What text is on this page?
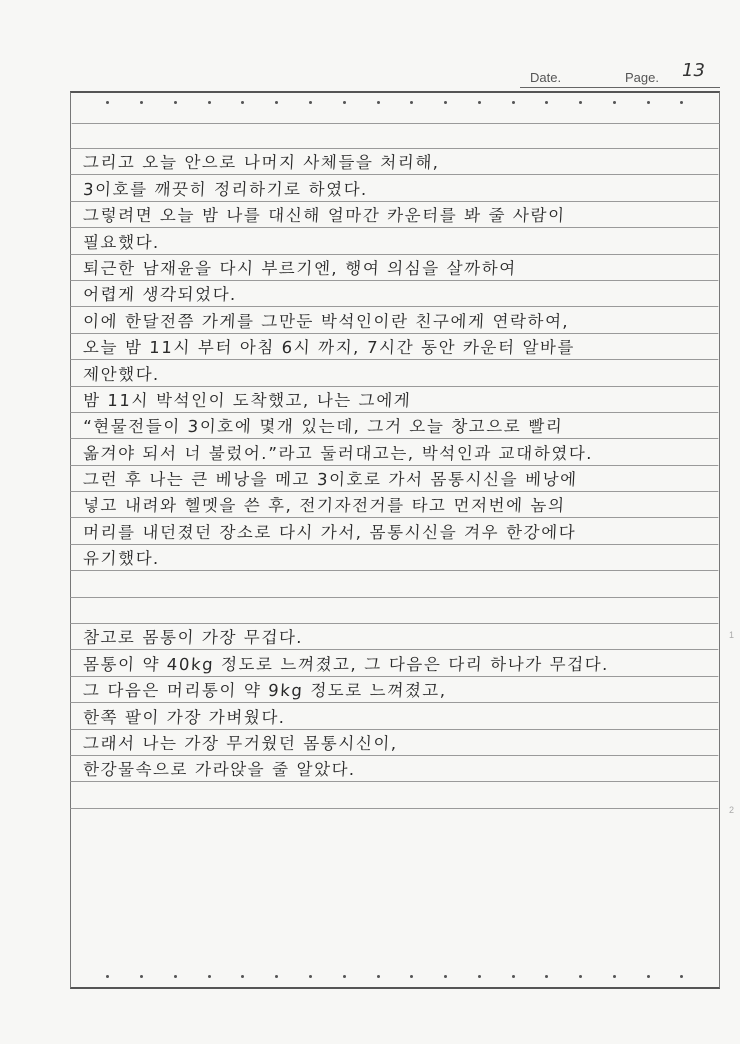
Date.	Page. 13
그리고 오늘 안으로 나머지 사체들을 처리해,
3이호를 깨끗히 정리하기로 하였다.
그렇려면 오늘 밤 나를 대신해 얼마간 카운터를 봐 줄 사람이
필요했다.
퇴근한 남재윤을 다시 부르기엔, 행여 의심을 살까하여
어렵게 생각되었다.
이에 한달전쯤 가게를 그만둔 박석인이란 친구에게 연락하여,
오늘 밤 11시 부터 아침 6시 까지, 7시간 동안 카운터 알바를
제안했다.
밤 11시 박석인이 도착했고, 나는 그에게
“현물전들이 3이호에 몇개 있는데, 그거 오늘 창고으로 빨리
옮겨야 되서 너 불렀어.”라고 둘러대고는, 박석인과 교대하였다.
그런 후 나는 큰 베낭을 메고 3이호로 가서 몸통시신을 베낭에
넣고 내려와 헬멧을 쓴 후, 전기자전거를 타고 먼저번에 놈의
머리를 내던졌던 장소로 다시 가서, 몸통시신을 겨우 한강에다
유기했다.
참고로 몸통이 가장 무겁다.
몸통이 약 40kg 정도로 느껴졌고, 그 다음은 다리 하나가 무겁다.
그 다음은 머리통이 약 9kg 정도로 느껴졌고,
한쪽 팔이 가장 가벼웠다.
그래서 나는 가장 무거웠던 몸통시신이,
한강물속으로 가라앉을 줄 알았다.
1
2
